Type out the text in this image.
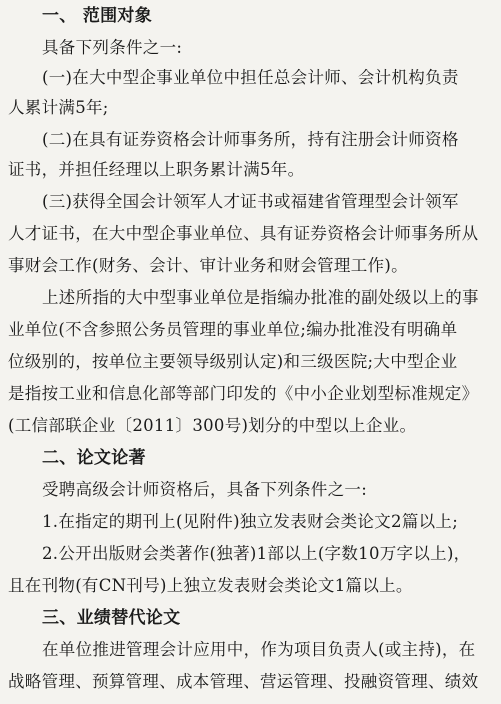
一、 范围对象
具备下列条件之一:
(一)在大中型企事业单位中担任总会计师、会计机构负责
人累计满5年;
(二)在具有证券资格会计师事务所，持有注册会计师资格
证书，并担任经理以上职务累计满5年。
(三)获得全国会计领军人才证书或福建省管理型会计领军
人才证书，在大中型企事业单位、具有证券资格会计师事务所从
事财会工作(财务、会计、审计业务和财会管理工作)。
上述所指的大中型事业单位是指编办批准的副处级以上的事
业单位(不含参照公务员管理的事业单位;编办批准没有明确单
位级别的，按单位主要领导级别认定)和三级医院;大中型企业
是指按工业和信息化部等部门印发的《中小企业划型标准规定》
(工信部联企业〔2011〕300号)划分的中型以上企业。
二、论文论著
受聘高级会计师资格后，具备下列条件之一:
1.在指定的期刊上(见附件)独立发表财会类论文2篇以上;
2.公开出版财会类著作(独著)1部以上(字数10万字以上)，
且在刊物(有CN刊号)上独立发表财会类论文1篇以上。
三、业绩替代论文
在单位推进管理会计应用中，作为项目负责人(或主持)，在
战略管理、预算管理、成本管理、营运管理、投融资管理、绩效
